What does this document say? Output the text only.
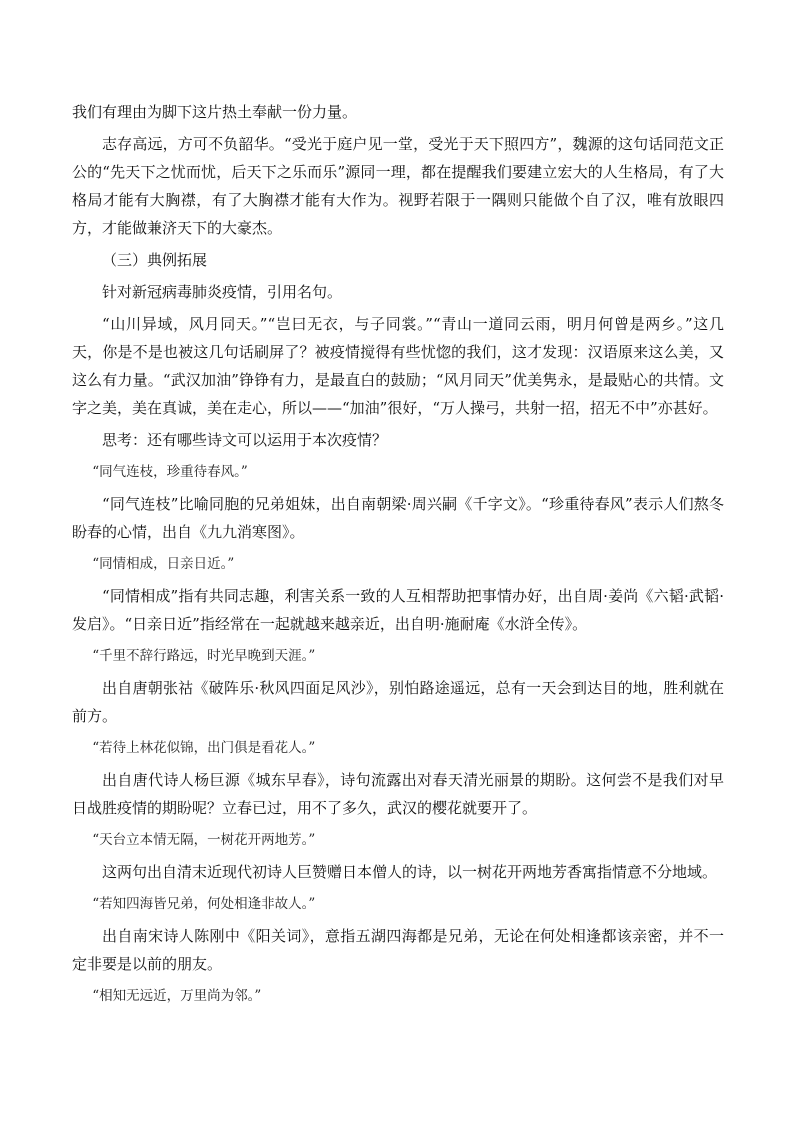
我们有理由为脚下这片热土奉献一份力量。

志存高远，方可不负韶华。“受光于庭户见一堂，受光于天下照四方”，魏源的这句话同范文正公的“先天下之忧而忧，后天下之乐而乐”源同一理，都在提醒我们要建立宏大的人生格局，有了大格局才能有大胸襟，有了大胸襟才能有大作为。视野若限于一隅则只能做个自了汉，唯有放眼四方，才能做兼济天下的大豪杰。

（三）典例拓展

针对新冠病毒肺炎疫情，引用名句。

“山川异域，风月同天。”“岂曰无衣，与子同裳。”“青山一道同云雨，明月何曾是两乡。”这几天，你是不是也被这几句话刷屏了？被疫情搅得有些忧惚的我们，这才发现：汉语原来这么美，又这么有力量。“武汉加油”铮铮有力，是最直白的鼓励；“风月同天”优美隽永，是最贴心的共情。文字之美，美在真诚，美在走心，所以——“加油”很好，“万人操弓，共射一招，招无不中”亦甚好。

思考：还有哪些诗文可以运用于本次疫情？

“同气连枝，珍重待春风。”

“同气连枝”比喻同胞的兄弟姐妹，出自南朝梁·周兴嗣《千字文》。“珍重待春风”表示人们熬冬盼春的心情，出自《九九消寒图》。

“同情相成，日亲日近。”

“同情相成”指有共同志趣，利害关系一致的人互相帮助把事情办好，出自周·姜尚《六韬·武韬·发启》。“日亲日近”指经常在一起就越来越亲近，出自明·施耐庵《水浒全传》。

“千里不辞行路远，时光早晚到天涯。”

出自唐朝张祜《破阵乐·秋风四面足风沙》，别怕路途遥远，总有一天会到达目的地，胜利就在前方。

“若待上林花似锦，出门俱是看花人。”

出自唐代诗人杨巨源《城东早春》，诗句流露出对春天清光丽景的期盼。这何尝不是我们对早日战胜疫情的期盼呢？立春已过，用不了多久，武汉的樱花就要开了。

“天台立本情无隔，一树花开两地芳。”

这两句出自清末近现代初诗人巨赞赠日本僧人的诗，以一树花开两地芳香寓指情意不分地域。

“若知四海皆兄弟，何处相逢非故人。”

出自南宋诗人陈刚中《阳关词》，意指五湖四海都是兄弟，无论在何处相逢都该亲密，并不一定非要是以前的朋友。

“相知无远近，万里尚为邻。”
